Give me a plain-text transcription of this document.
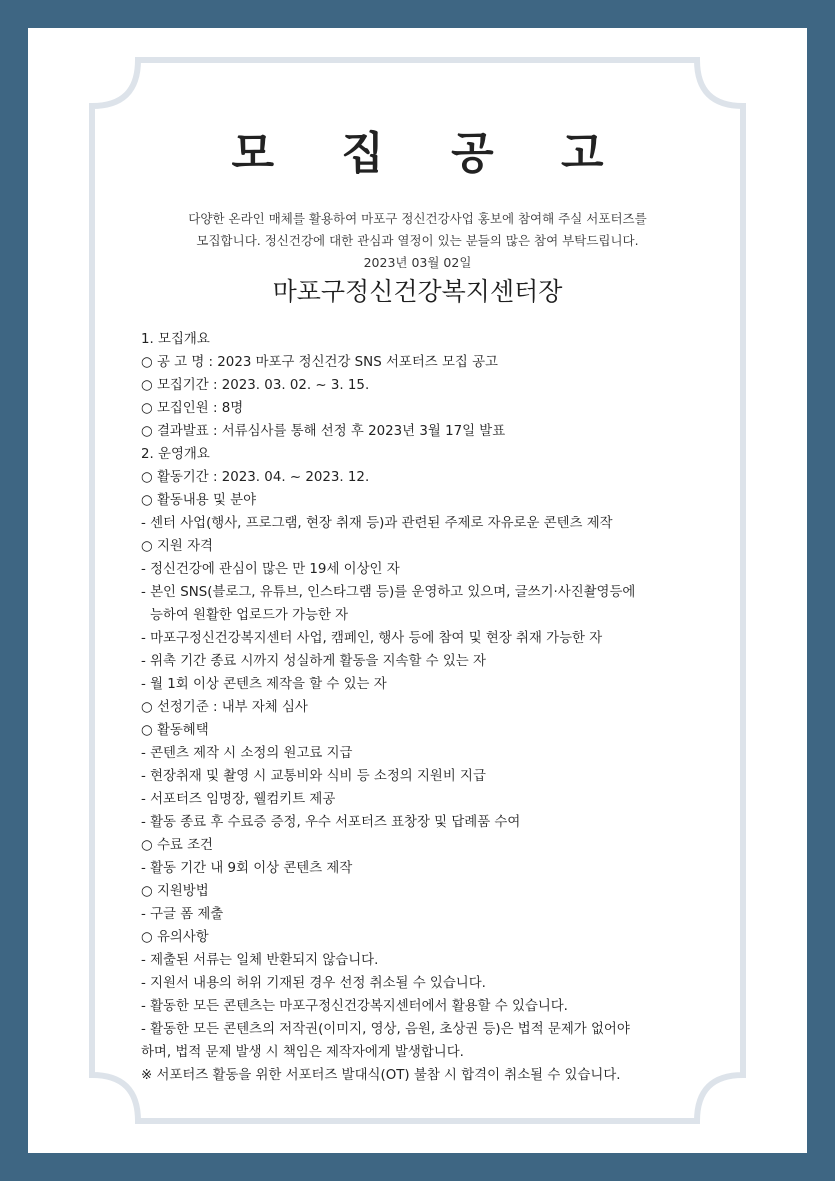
모 집 공 고
다양한 온라인 매체를 활용하여 마포구 정신건강사업 홍보에 참여해 주실 서포터즈를
모집합니다. 정신건강에 대한 관심과 열정이 있는 분들의 많은 참여 부탁드립니다.
2023년 03월 02일
마포구정신건강복지센터장
1. 모집개요
○ 공 고 명 : 2023 마포구 정신건강 SNS 서포터즈 모집 공고
○ 모집기간 : 2023. 03. 02. ~ 3. 15.
○ 모집인원 : 8명
○ 결과발표 : 서류심사를 통해 선정 후 2023년 3월 17일 발표
2. 운영개요
○ 활동기간 : 2023. 04. ~ 2023. 12.
○ 활동내용 및 분야
- 센터 사업(행사, 프로그램, 현장 취재 등)과 관련된 주제로 자유로운 콘텐츠 제작
○ 지원 자격
- 정신건강에 관심이 많은 만 19세 이상인 자
- 본인 SNS(블로그, 유튜브, 인스타그램 등)를 운영하고 있으며, 글쓰기·사진촬영등에
능하여 원활한 업로드가 가능한 자
- 마포구정신건강복지센터 사업, 캠페인, 행사 등에 참여 및 현장 취재 가능한 자
- 위촉 기간 종료 시까지 성실하게 활동을 지속할 수 있는 자
- 월 1회 이상 콘텐츠 제작을 할 수 있는 자
○ 선정기준 : 내부 자체 심사
○ 활동혜택
- 콘텐츠 제작 시 소정의 원고료 지급
- 현장취재 및 촬영 시 교통비와 식비 등 소정의 지원비 지급
- 서포터즈 임명장, 웰컴키트 제공
- 활동 종료 후 수료증 증정, 우수 서포터즈 표창장 및 답례품 수여
○ 수료 조건
- 활동 기간 내 9회 이상 콘텐츠 제작
○ 지원방법
- 구글 폼 제출
○ 유의사항
- 제출된 서류는 일체 반환되지 않습니다.
- 지원서 내용의 허위 기재된 경우 선정 취소될 수 있습니다.
- 활동한 모든 콘텐츠는 마포구정신건강복지센터에서 활용할 수 있습니다.
- 활동한 모든 콘텐츠의 저작권(이미지, 영상, 음원, 초상권 등)은 법적 문제가 없어야
하며, 법적 문제 발생 시 책임은 제작자에게 발생합니다.
※ 서포터즈 활동을 위한 서포터즈 발대식(OT) 불참 시 합격이 취소될 수 있습니다.
